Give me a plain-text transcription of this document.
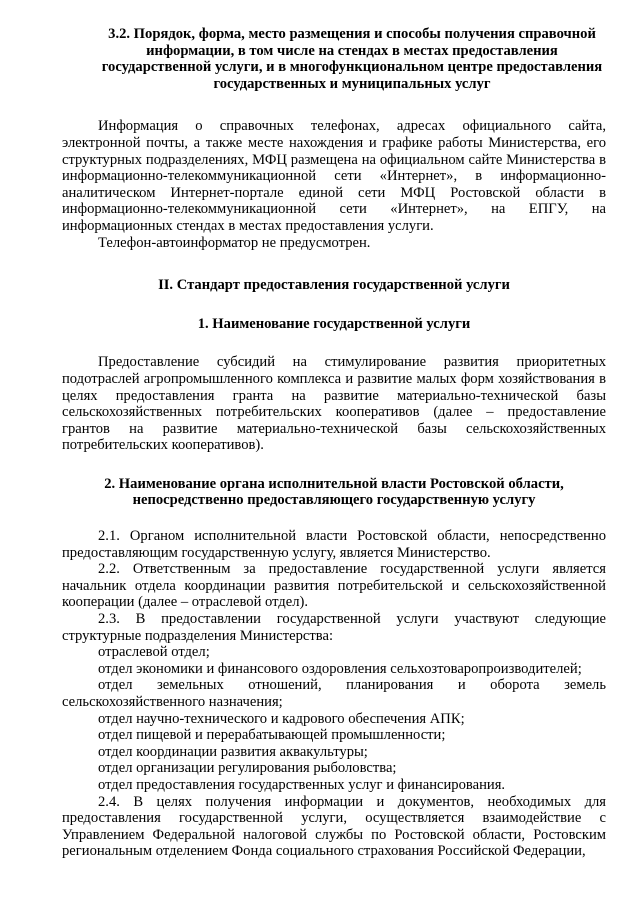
3.2. Порядок, форма, место размещения и способы получения справочной информации, в том числе на стендах в местах предоставления государственной услуги, и в многофункциональном центре предоставления государственных и муниципальных услуг

Информация о справочных телефонах, адресах официального сайта, электронной почты, а также месте нахождения и графике работы Министерства, его структурных подразделениях, МФЦ размещена на официальном сайте Министерства в информационно-телекоммуникационной сети «Интернет», в информационно-аналитическом Интернет-портале единой сети МФЦ Ростовской области в информационно-телекоммуникационной сети «Интернет», на ЕПГУ, на информационных стендах в местах предоставления услуги.

Телефон-автоинформатор не предусмотрен.

II. Стандарт предоставления государственной услуги
1. Наименование государственной услуги

Предоставление субсидий на стимулирование развития приоритетных подотраслей агропромышленного комплекса и развитие малых форм хозяйствования в целях предоставления гранта на развитие материально-технической базы сельскохозяйственных потребительских кооперативов (далее – предоставление грантов на развитие материально-технической базы сельскохозяйственных потребительских кооперативов).

2. Наименование органа исполнительной власти Ростовской области,
непосредственно предоставляющего государственную услугу

2.1. Органом исполнительной власти Ростовской области, непосредственно предоставляющим государственную услугу, является Министерство.

2.2. Ответственным за предоставление государственной услуги является начальник отдела координации развития потребительской и сельскохозяйственной кооперации (далее – отраслевой отдел).

2.3. В предоставлении государственной услуги участвуют следующие структурные подразделения Министерства:

отраслевой отдел;

отдел экономики и финансового оздоровления сельхозтоваропроизводителей;

отдел земельных отношений, планирования и оборота земель сельскохозяйственного назначения;

отдел научно-технического и кадрового обеспечения АПК;

отдел пищевой и перерабатывающей промышленности;

отдел координации развития аквакультуры;

отдел организации регулирования рыболовства;

отдел предоставления государственных услуг и финансирования.

2.4. В целях получения информации и документов, необходимых для предоставления государственной услуги, осуществляется взаимодействие с Управлением Федеральной налоговой службы по Ростовской области, Ростовским региональным отделением Фонда социального страхования Российской Федерации,
